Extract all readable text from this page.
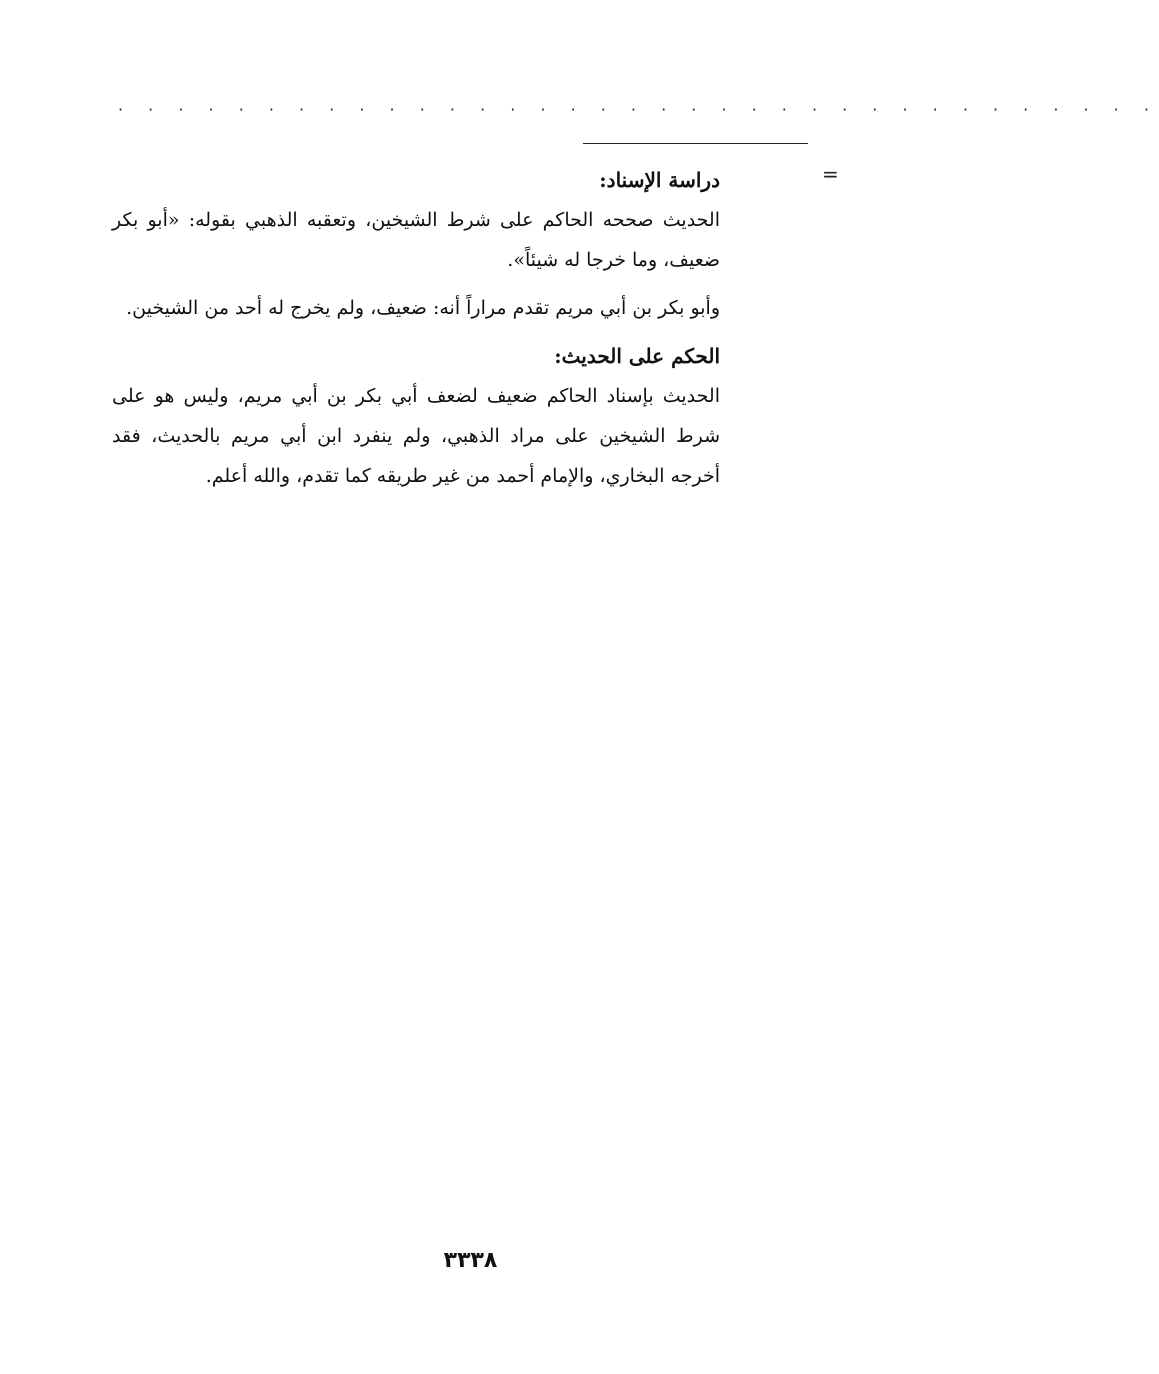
· · · · · · · · · · · · · · · · · · · · · · · · · · · · · · · · · · ·
=

دراسة الإسناد:

الحديث صححه الحاكم على شرط الشيخين، وتعقبه الذهبي بقوله: «أبو بكر ضعيف، وما خرجا له شيئاً».

وأبو بكر بن أبي مريم تقدم مراراً أنه: ضعيف، ولم يخرج له أحد من الشيخين.

الحكم على الحديث:

الحديث بإسناد الحاكم ضعيف لضعف أبي بكر بن أبي مريم، وليس هو على شرط الشيخين على مراد الذهبي، ولم ينفرد ابن أبي مريم بالحديث، فقد أخرجه البخاري، والإمام أحمد من غير طريقه كما تقدم، والله أعلم.

٣٣٣٨
